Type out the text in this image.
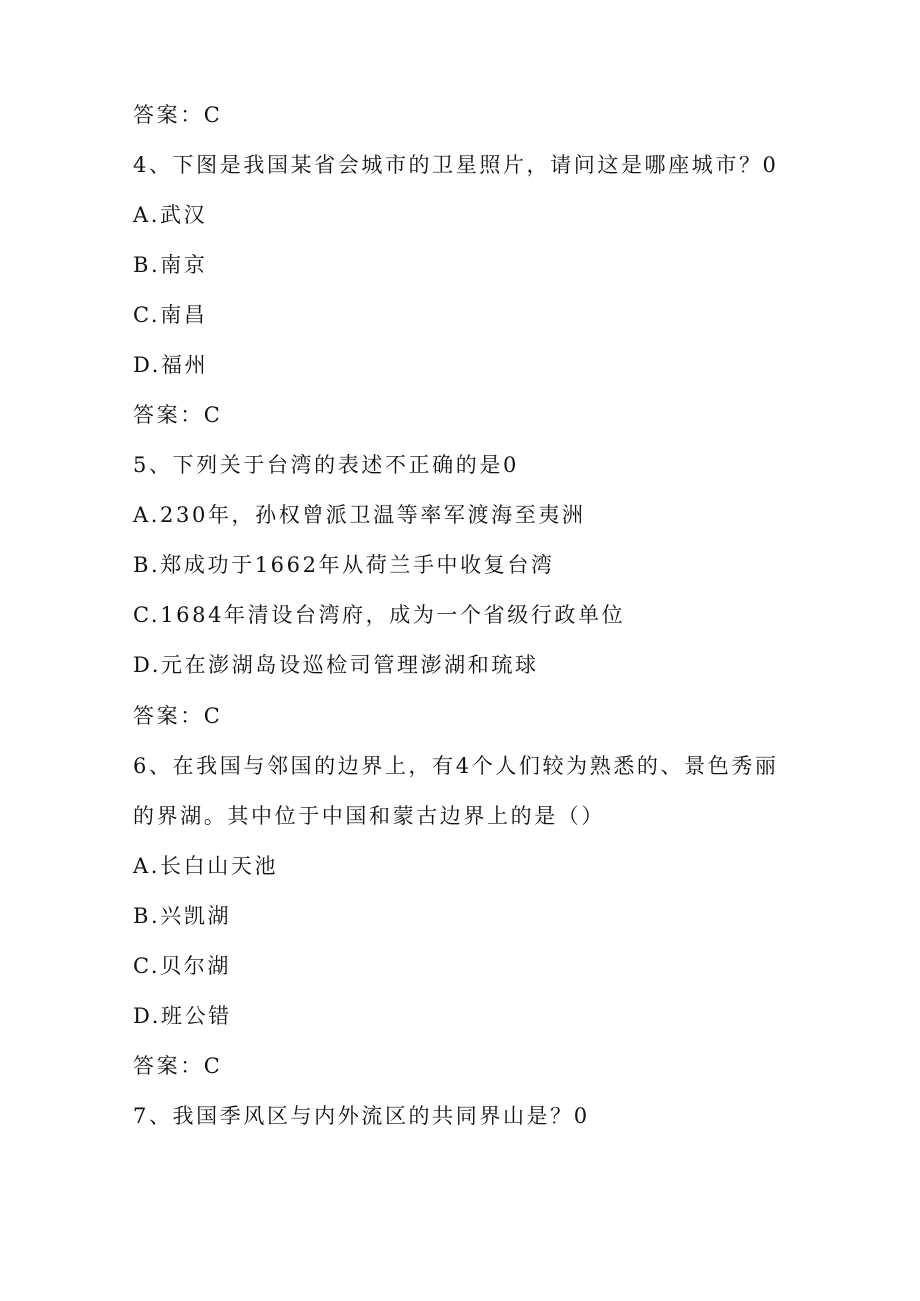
答案：C
4、下图是我国某省会城市的卫星照片，请问这是哪座城市？0
A.武汉
B.南京
C.南昌
D.福州
答案：C
5、下列关于台湾的表述不正确的是0
A.230年，孙权曾派卫温等率军渡海至夷洲
B.郑成功于1662年从荷兰手中收复台湾
C.1684年清设台湾府，成为一个省级行政单位
D.元在澎湖岛设巡检司管理澎湖和琉球
答案：C
6、在我国与邻国的边界上，有4个人们较为熟悉的、景色秀丽
的界湖。其中位于中国和蒙古边界上的是（）
A.长白山天池
B.兴凯湖
C.贝尔湖
D.班公错
答案：C
7、我国季风区与内外流区的共同界山是？0
